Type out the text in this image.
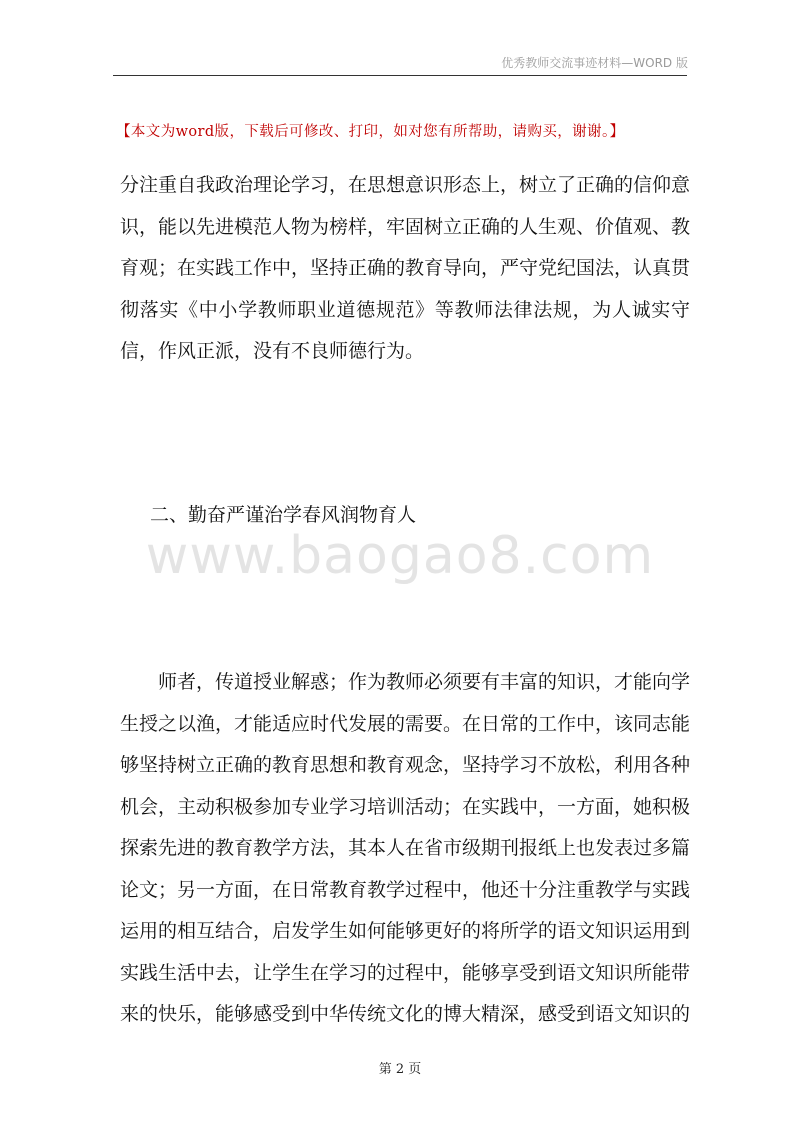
优秀教师交流事迹材料—WORD 版
【本文为word版，下载后可修改、打印，如对您有所帮助，请购买，谢谢。】

分注重自我政治理论学习，在思想意识形态上，树立了正确的信仰意识，能以先进模范人物为榜样，牢固树立正确的人生观、价值观、教育观；在实践工作中，坚持正确的教育导向，严守党纪国法，认真贯彻落实《中小学教师职业道德规范》等教师法律法规，为人诚实守信，作风正派，没有不良师德行为。

二、勤奋严谨治学春风润物育人
www.baogao8.com

师者，传道授业解惑；作为教师必须要有丰富的知识，才能向学生授之以渔，才能适应时代发展的需要。在日常的工作中，该同志能够坚持树立正确的教育思想和教育观念，坚持学习不放松，利用各种机会，主动积极参加专业学习培训活动；在实践中，一方面，她积极探索先进的教育教学方法，其本人在省市级期刊报纸上也发表过多篇论文；另一方面，在日常教育教学过程中，他还十分注重教学与实践运用的相互结合，启发学生如何能够更好的将所学的语文知识运用到实践生活中去，让学生在学习的过程中，能够享受到语文知识所能带来的快乐，能够感受到中华传统文化的博大精深，感受到语文知识的

第 2 页
